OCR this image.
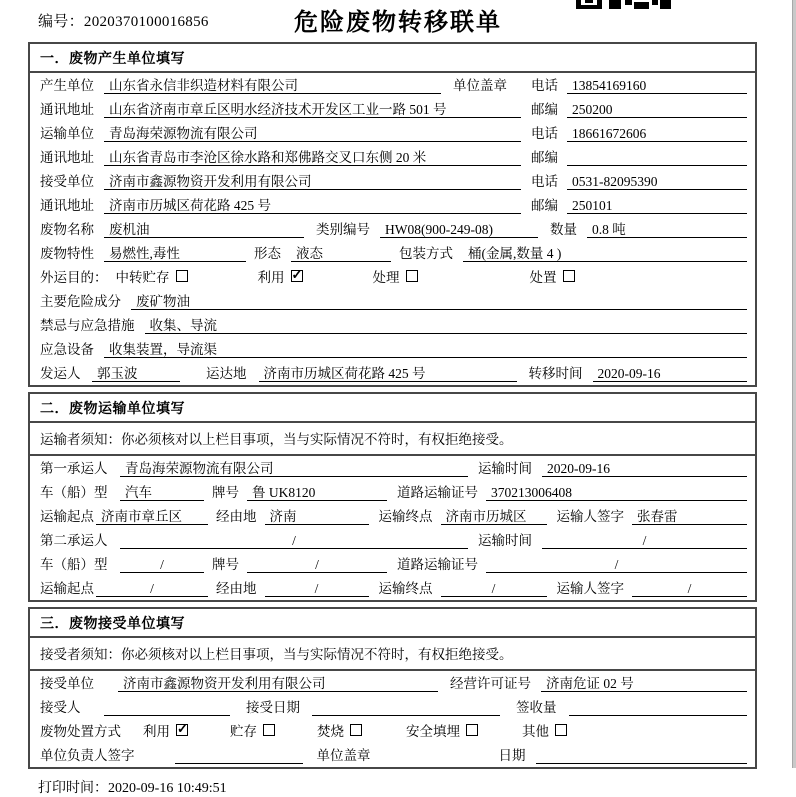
编号：2020370100016856	危险废物转移联单
一．废物产生单位填写
产生单位	山东省永信非织造材料有限公司	单位盖章 电话	13854169160
通讯地址	山东省济南市章丘区明水经济技术开发区工业一路 501 号	邮编	250200
运输单位	青岛海荣源物流有限公司	电话	18661672606
通讯地址	山东省青岛市李沧区徐水路和郑佛路交叉口东侧 20 米	邮编
接受单位	济南市鑫源物资开发利用有限公司	电话	0531-82095390
通讯地址	济南市历城区荷花路 425 号	邮编	250101
废物名称	废机油	类别编号	HW08(900-249-08)	数量	0.8 吨
废物特性	易燃性,毒性	形态	液态	包装方式	桶(金属,数量 4 )
外运目的： 中转贮存	利用 ✓	处理	处置
主要危险成分	废矿物油
禁忌与应急措施	收集、导流
应急设备	收集装置，导流渠
发运人	郭玉波	运达地	济南市历城区荷花路 425 号	转移时间	2020-09-16
二．废物运输单位填写
运输者须知：你必须核对以上栏目事项，当与实际情况不符时，有权拒绝接受。
第一承运人	青岛海荣源物流有限公司	运输时间	2020-09-16
车（船）型	汽车	牌号 鲁 UK8120	道路运输证号 370213006408
运输起点 济南市章丘区	经由地 济南	运输终点 济南市历城区	运输人签字 张春雷
第二承运人	/	运输时间	/
车（船）型	/	牌号	/	道路运输证号	/
运输起点	/	经由地	/	运输终点	/	运输人签字	/
三．废物接受单位填写
接受者须知：你必须核对以上栏目事项，当与实际情况不符时，有权拒绝接受。
接受单位	济南市鑫源物资开发利用有限公司	经营许可证号	济南危证 02 号
接受人	接受日期	签收量
废物处置方式 利用 ✓	贮存	焚烧	安全填埋	其他
单位负责人签字	单位盖章	日期
打印时间：2020-09-16 10:49:51
